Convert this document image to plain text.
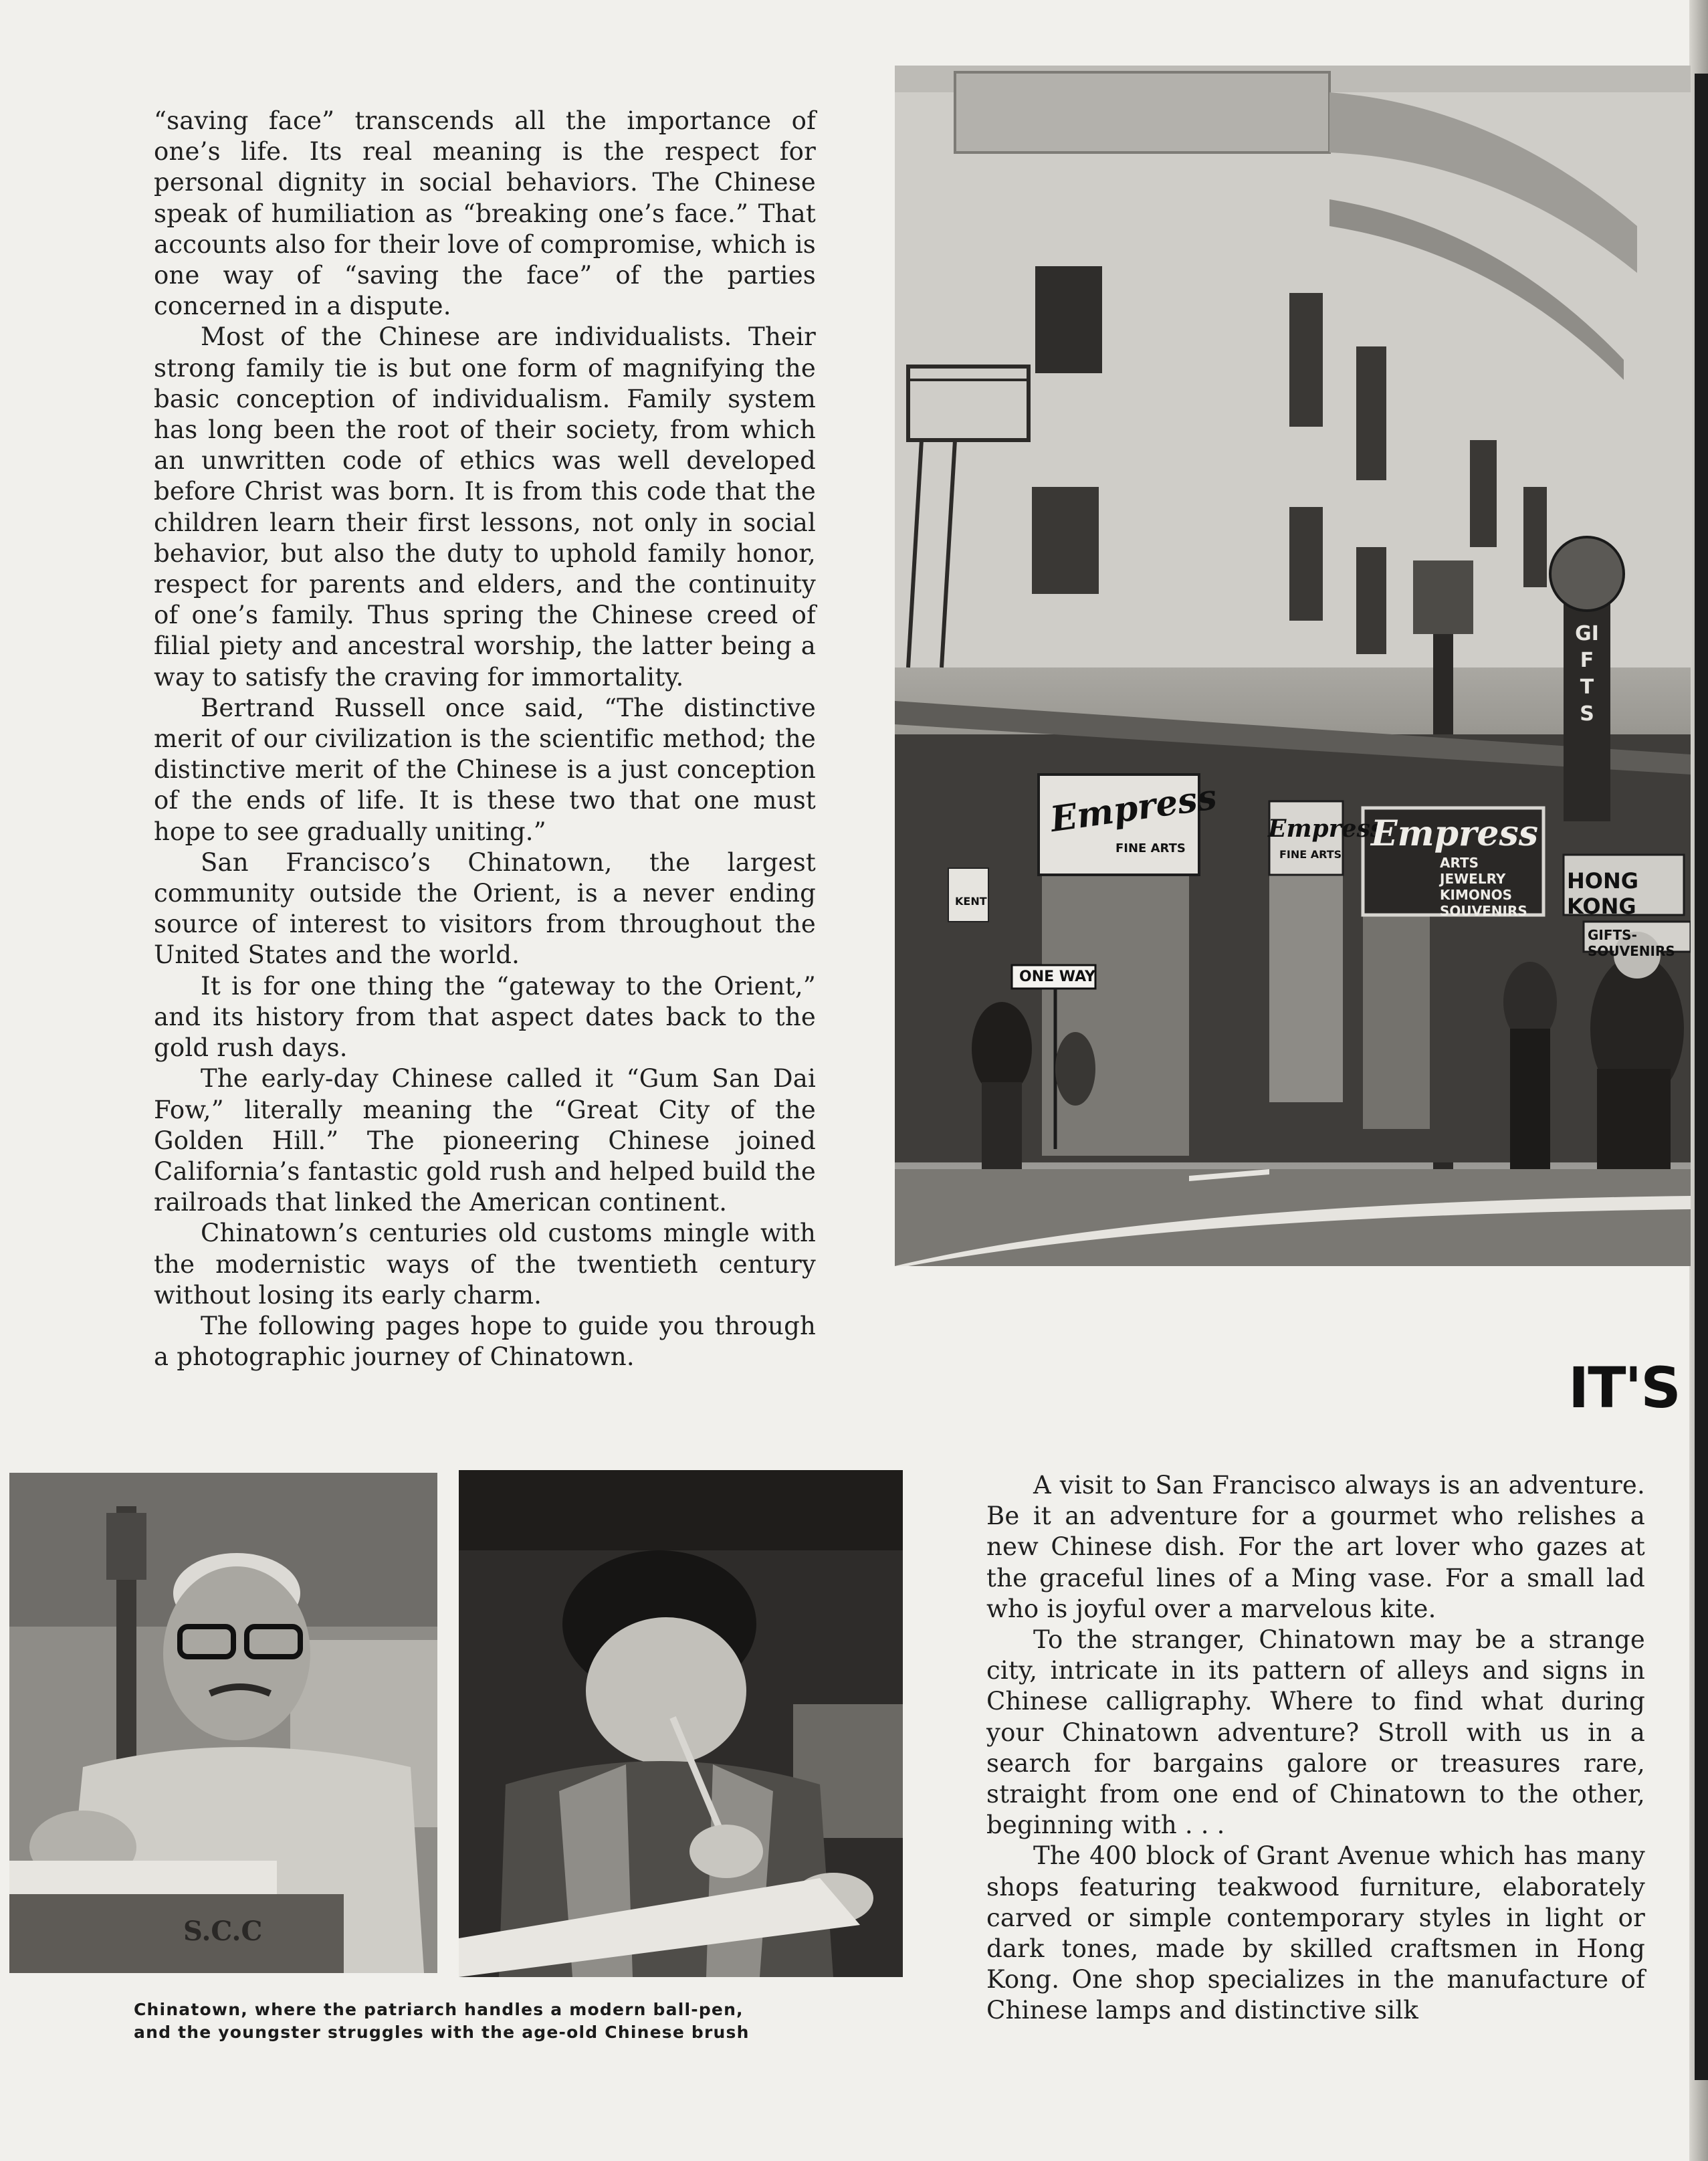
“saving face” transcends all the importance of one’s life. Its real meaning is the respect for personal dignity in social behaviors. The Chinese speak of humiliation as “breaking one’s face.” That accounts also for their love of compromise, which is one way of “saving the face” of the parties concerned in a dispute.

Most of the Chinese are individualists. Their strong family tie is but one form of magnifying the basic conception of individualism. Family system has long been the root of their society, from which an unwritten code of ethics was well developed before Christ was born. It is from this code that the children learn their first lessons, not only in social behavior, but also the duty to uphold family honor, respect for parents and elders, and the continuity of one’s family. Thus spring the Chinese creed of filial piety and ancestral worship, the latter being a way to satisfy the craving for immortality.

Bertrand Russell once said, “The distinctive merit of our civilization is the scientific method; the distinctive merit of the Chinese is a just conception of the ends of life. It is these two that one must hope to see gradually uniting.”

San Francisco’s Chinatown, the largest community outside the Orient, is a never ending source of interest to visitors from throughout the United States and the world.

It is for one thing the “gateway to the Orient,” and its history from that aspect dates back to the gold rush days.

The early-day Chinese called it “Gum San Dai Fow,” literally meaning the “Great City of the Golden Hill.” The pioneering Chinese joined California’s fantastic gold rush and helped build the railroads that linked the American continent.

Chinatown’s centuries old customs mingle with the modernistic ways of the twentieth century without losing its early charm.

The following pages hope to guide you through a photographic journey of Chinatown.

Empress
FINE ARTS
Empress
FINE ARTS
Empress
ARTS JEWELRY KIMONOS SOUVENIRS
GIFTS
HONG KONG
GIFTS-SOUVENIRS
ONE WAY
KENT
IT'S
S.C.C
Chinatown, where the patriarch handles a modern ball-pen,
and the youngster struggles with the age-old Chinese brush

A visit to San Francisco always is an adventure. Be it an adventure for a gourmet who relishes a new Chinese dish. For the art lover who gazes at the graceful lines of a Ming vase. For a small lad who is joyful over a marvelous kite.

To the stranger, Chinatown may be a strange city, intricate in its pattern of alleys and signs in Chinese calligraphy. Where to find what during your Chinatown adventure? Stroll with us in a search for bargains galore or treasures rare, straight from one end of Chinatown to the other, beginning with . . .

The 400 block of Grant Avenue which has many shops featuring teakwood furniture, elaborately carved or simple contemporary styles in light or dark tones, made by skilled craftsmen in Hong Kong. One shop specializes in the manufacture of Chinese lamps and distinctive silk
